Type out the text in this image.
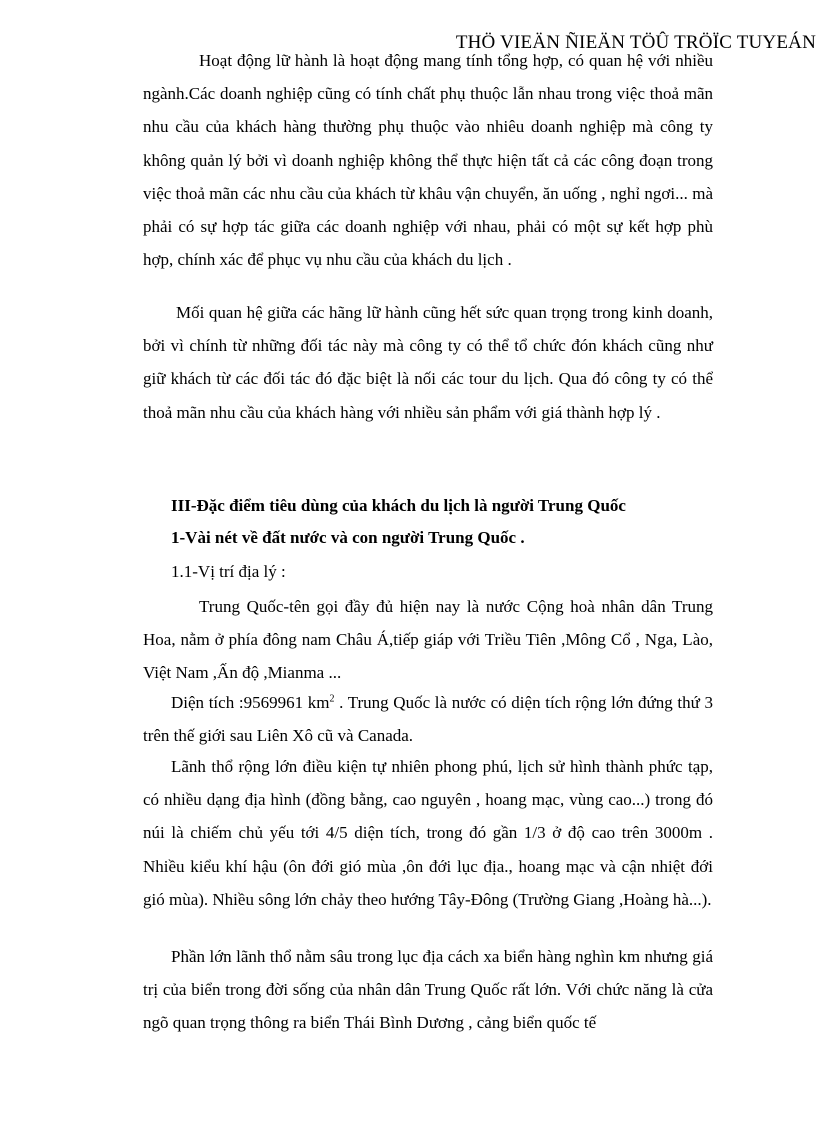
THÖ VIEÄN ÑIEÄN TÖÛ TRÖÏC TUYEÁN

Hoạt động lữ hành là hoạt động mang tính tổng hợp, có quan hệ với nhiều ngành.Các doanh nghiệp cũng có tính chất phụ thuộc lẫn nhau trong việc thoả mãn nhu cầu của khách hàng thường phụ thuộc vào nhiêu doanh nghiệp mà công ty không quản lý bởi vì doanh nghiệp không thể thực hiện tất cả các công đoạn trong việc thoả mãn các nhu cầu của khách từ khâu vận chuyển, ăn uống , nghỉ ngơi... mà phải có sự hợp tác giữa các doanh nghiệp với nhau, phải có một sự kết hợp phù hợp, chính xác để phục vụ nhu cầu của khách du lịch .

Mối quan hệ giữa các hãng lữ hành cũng hết sức quan trọng trong kinh doanh, bởi vì chính từ những đối tác này mà công ty có thể tổ chức đón khách cũng như giữ khách từ các đối tác đó đặc biệt là nối các tour du lịch. Qua đó công ty có thể thoả mãn nhu cầu của khách hàng với nhiều sản phẩm với giá thành hợp lý .

III-Đặc điểm tiêu dùng của khách du lịch là người Trung Quốc
1-Vài nét về đất nước và con người Trung Quốc .
1.1-Vị trí địa lý :

Trung Quốc-tên gọi đầy đủ hiện nay là nước Cộng hoà nhân dân Trung Hoa, nằm ở phía đông nam Châu Á,tiếp giáp với Triều Tiên ,Mông Cổ , Nga, Lào, Việt Nam ,Ấn độ ,Mianma ...

Diện tích :9569961 $km^2$ . Trung Quốc là nước có diện tích rộng lớn đứng thứ 3 trên thế giới sau Liên Xô cũ và Canada.

Lãnh thổ rộng lớn điều kiện tự nhiên phong phú, lịch sử hình thành phức tạp, có nhiều dạng địa hình (đồng bằng, cao nguyên , hoang mạc, vùng cao...) trong đó núi là chiếm chủ yếu tới 4/5 diện tích, trong đó gần 1/3 ở độ cao trên 3000m . Nhiều kiểu khí hậu (ôn đới gió mùa ,ôn đới lục địa., hoang mạc và cận nhiệt đới gió mùa). Nhiều sông lớn chảy theo hướng Tây-Đông (Trường Giang ,Hoàng hà...).

Phần lớn lãnh thổ nằm sâu trong lục địa cách xa biển hàng nghìn km nhưng giá trị của biển trong đời sống của nhân dân Trung Quốc rất lớn. Với chức năng là cửa ngõ quan trọng thông ra biển Thái Bình Dương , cảng biển quốc tế
